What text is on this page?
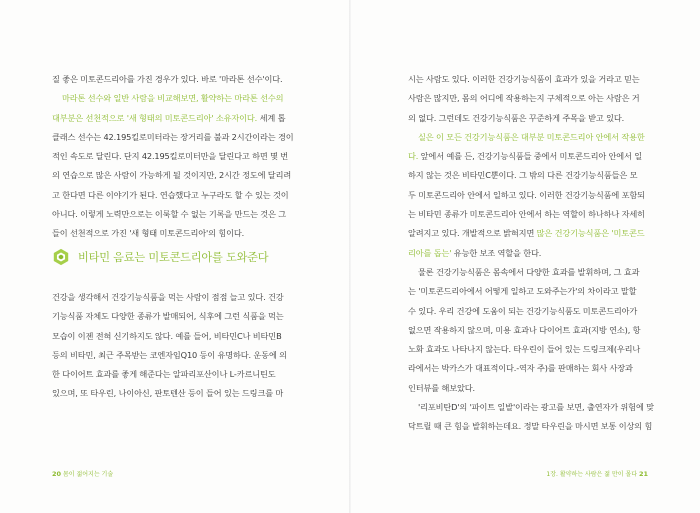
질 좋은 미토콘드리아를 가진 경우가 있다. 바로 '마라톤 선수'이다.
마라톤 선수와 일반 사람을 비교해보면, 활약하는 마라톤 선수의
대부분은 선천적으로 '새 형태의 미토콘드리아' 소유자이다. 세계 톱
클래스 선수는 42.195킬로미터라는 장거리를 불과 2시간이라는 경이
적인 속도로 달린다. 단지 42.195킬로미터만을 달린다고 하면 몇 번
의 연습으로 많은 사람이 가능하게 될 것이지만, 2시간 정도에 달리려
고 한다면 다른 이야기가 된다. 연습했다고 누구라도 할 수 있는 것이
아니다. 이렇게 노력만으로는 이룩할 수 없는 기록을 만드는 것은 그
들이 선천적으로 가진 '새 형태 미토콘드리아'의 힘이다.
비타민 음료는 미토콘드리아를 도와준다
건강을 생각해서 건강기능식품을 먹는 사람이 점점 늘고 있다. 건강
기능식품 자체도 다양한 종류가 발매되어, 식후에 그런 식품을 먹는
모습이 이젠 전혀 신기하지도 않다. 예를 들어, 비타민C나 비타민B
등의 비타민, 최근 주목받는 코엔자임Q10 등이 유명하다. 운동에 의
한 다이어트 효과를 좋게 해준다는 알파리포산이나 L-카르니틴도
있으며, 또 타우린, 나이아신, 판토텐산 등이 들어 있는 드링크를 마
시는 사람도 있다. 이러한 건강기능식품이 효과가 있을 거라고 믿는
사람은 많지만, 몸의 어디에 작용하는지 구체적으로 아는 사람은 거
의 없다. 그런데도 건강기능식품은 꾸준하게 주목을 받고 있다.
실은 이 모든 건강기능식품은 대부분 미토콘드리아 안에서 작용한
다. 앞에서 예를 든, 건강기능식품들 중에서 미토콘드리아 안에서 일
하지 않는 것은 비타민C뿐이다. 그 밖의 다른 건강기능식품들은 모
두 미토콘드리아 안에서 일하고 있다. 이러한 건강기능식품에 포함되
는 비타민 종류가 미토콘드리아 안에서 하는 역할이 하나하나 자세히
알려지고 있다. 개발적으로 밝혀지면 많은 건강기능식품은 '미토콘드
리아를 돕는' 유능한 보조 역할을 한다.
물론 건강기능식품은 몸속에서 다양한 효과를 발휘하며, 그 효과
는 '미토콘드리아에서 어떻게 일하고 도와주는가'의 차이라고 말할
수 있다. 우리 건강에 도움이 되는 건강기능식품도 미토콘드리아가
없으면 작용하지 않으며, 미용 효과나 다이어트 효과(지방 연소), 항
노화 효과도 나타나지 않는다. 타우린이 들어 있는 드링크제(우리나
라에서는 박카스가 대표적이다.-역자 주)를 판매하는 회사 사장과
인터뷰를 해보았다.
'리포비탄D'의 '파이트 일발'이라는 광고를 보면, 출연자가 위험에 맞
닥트릴 때 큰 힘을 발휘하는데요. 정말 타우린을 마시면 보통 이상의 힘
20 몸이 젊어지는 기술	1장. 활약하는 사람은 젊 만이 몰다 21
